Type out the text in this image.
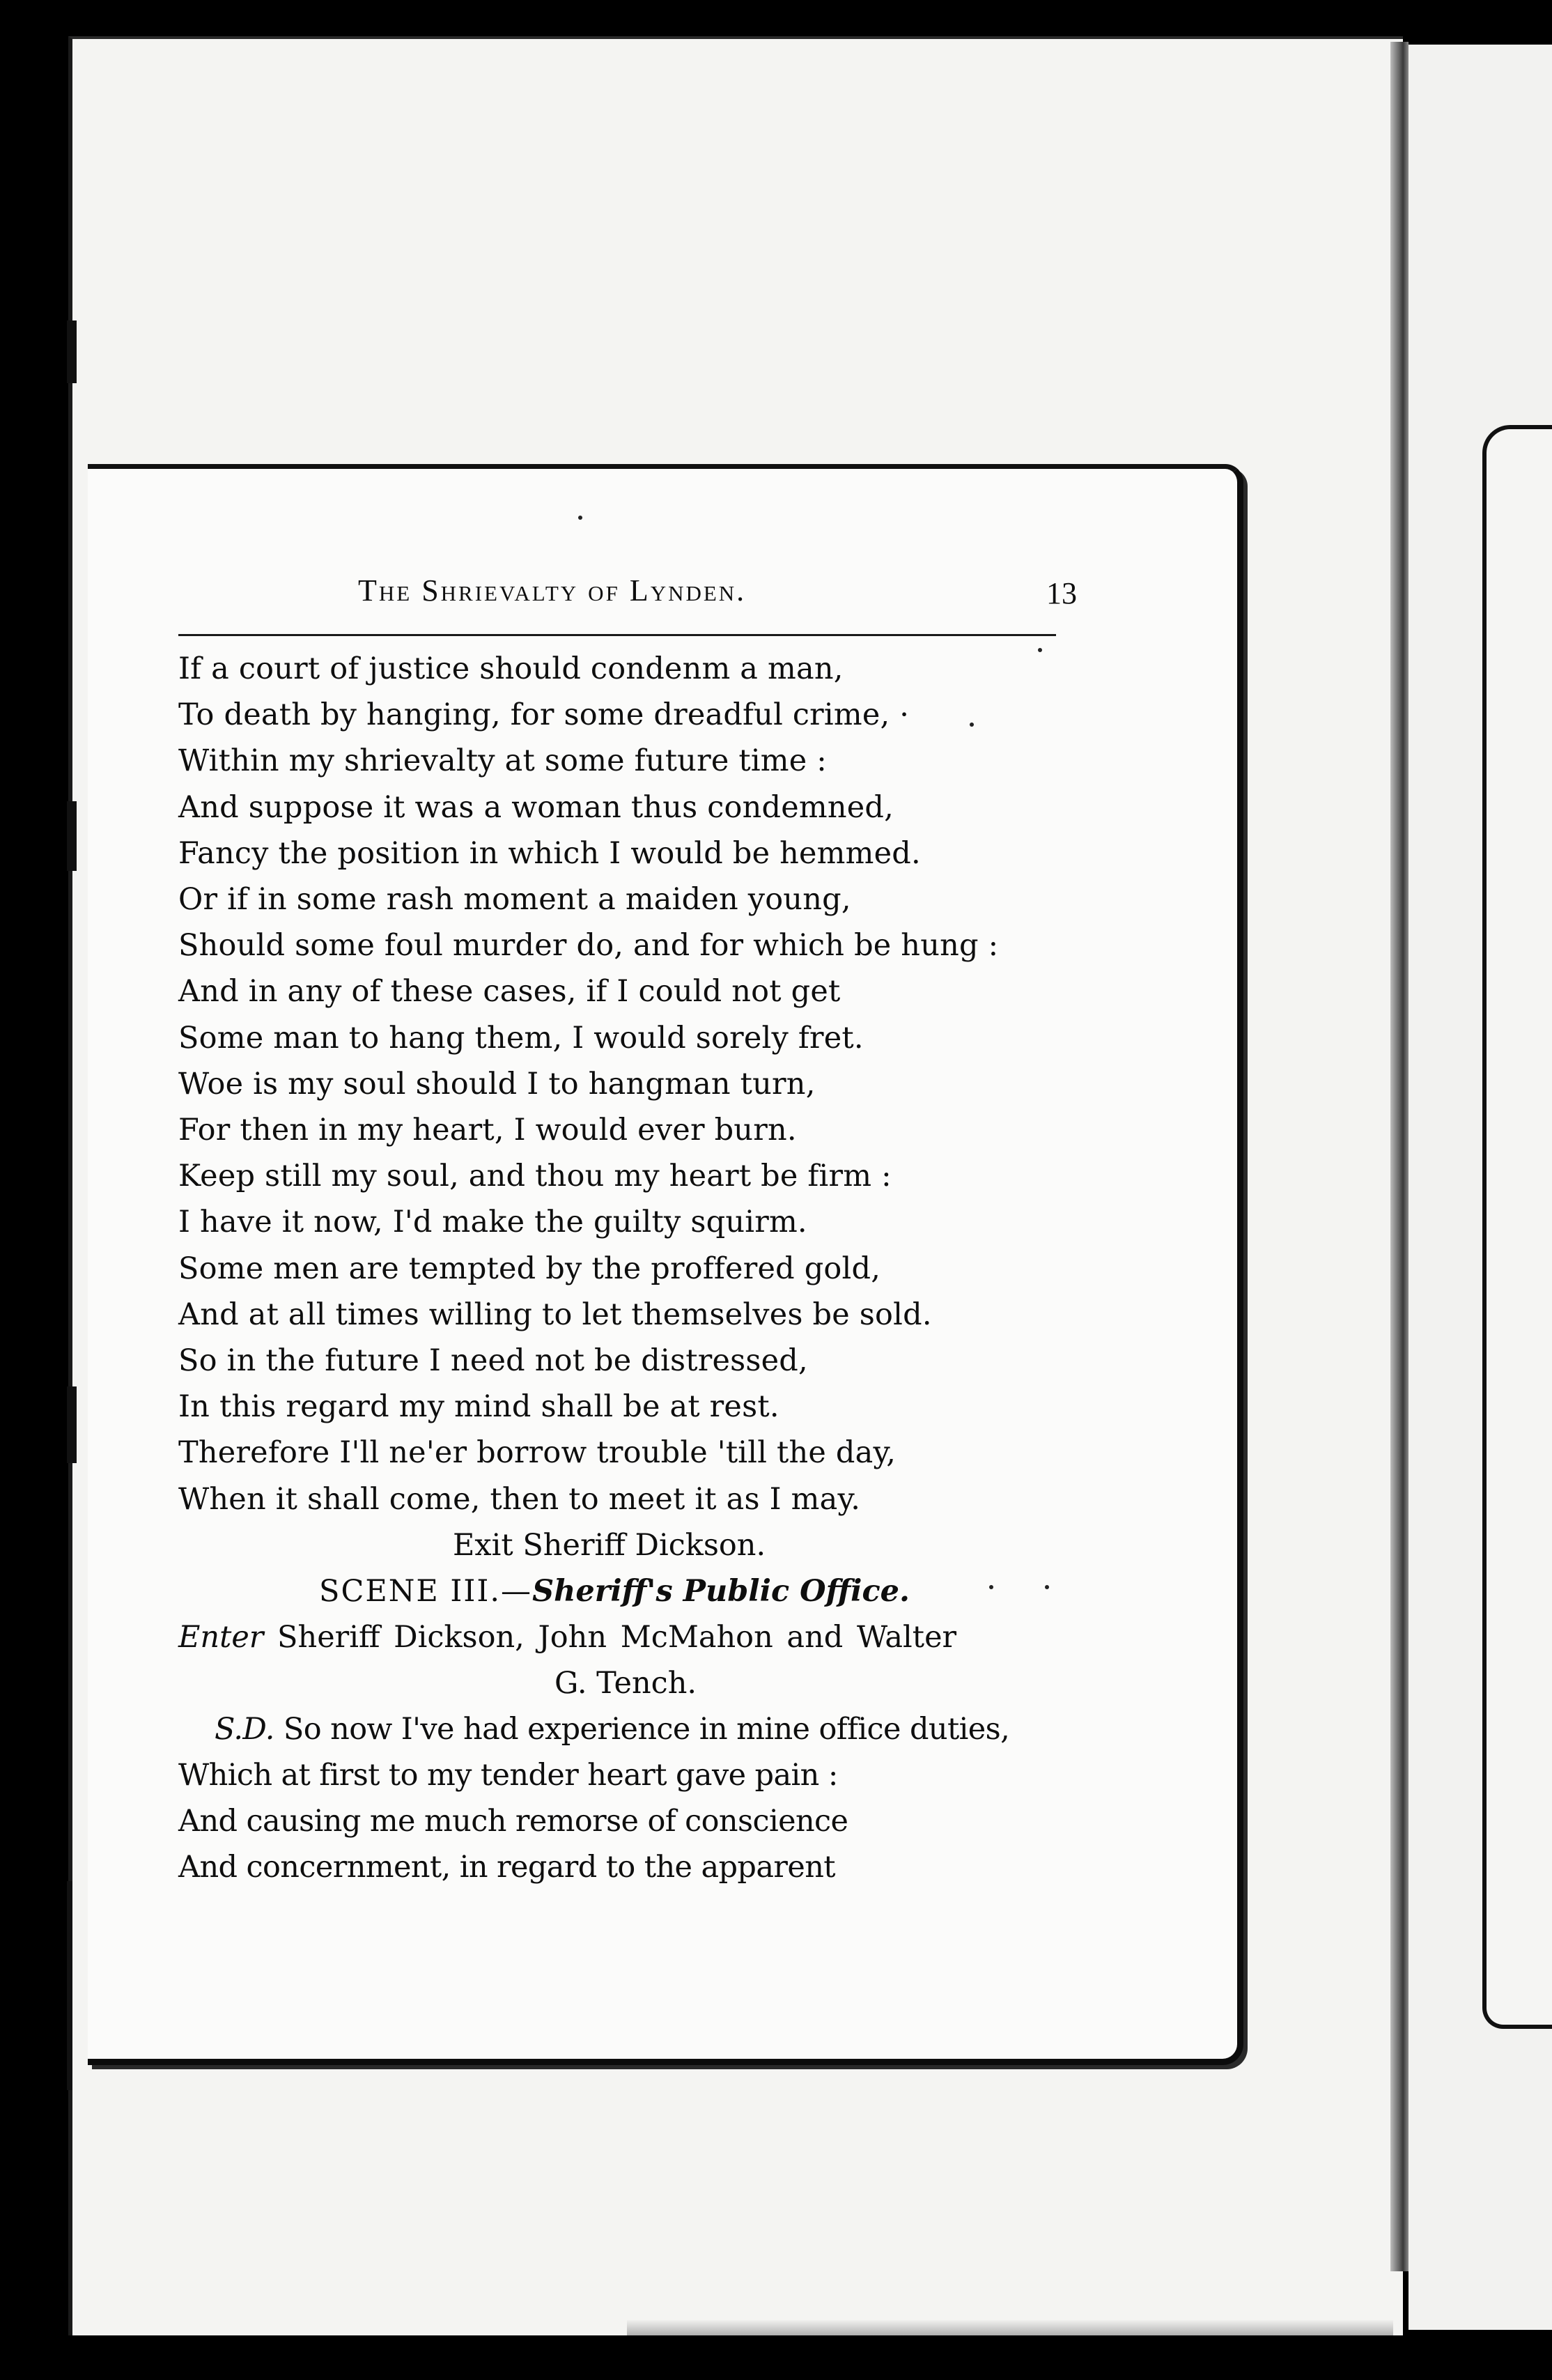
The Shrievalty of Lynden.	13
If a court of justice should condenm a man,
To death by hanging, for some dreadful crime, ·
Within my shrievalty at some future time :
And suppose it was a woman thus condemned,
Fancy the position in which I would be hemmed.
Or if in some rash moment a maiden young,
Should some foul murder do, and for which be hung :
And in any of these cases, if I could not get
Some man to hang them, I would sorely fret.
Woe is my soul should I to hangman turn,
For then in my heart, I would ever burn.
Keep still my soul, and thou my heart be firm :
I have it now, I'd make the guilty squirm.
Some men are tempted by the proffered gold,
And at all times willing to let themselves be sold.
So in the future I need not be distressed,
In this regard my mind shall be at rest.
Therefore I'll ne'er borrow trouble 'till the day,
When it shall come, then to meet it as I may.
Exit Sheriff Dickson.
SCENE III.—Sheriff's Public Office.
Enter Sheriff Dickson, John McMahon and Walter
G. Tench.
S.D. So now I've had experience in mine office duties,
Which at first to my tender heart gave pain :
And causing me much remorse of conscience
And concernment, in regard to the apparent
